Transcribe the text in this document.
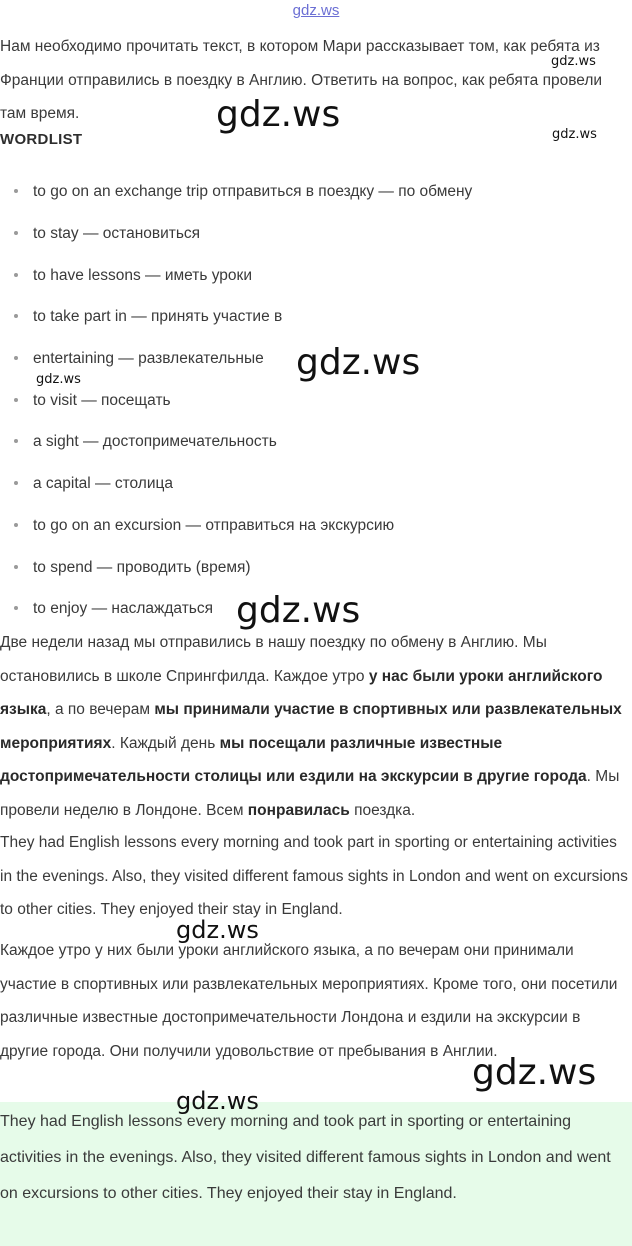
gdz.ws
Нам необходимо прочитать текст, в котором Мари рассказывает том, как ребята из Франции отправились в поездку в Англию. Ответить на вопрос, как ребята провели там время.
WORDLIST
to go on an exchange trip отправиться в поездку — по обмену
to stay — остановиться
to have lessons — иметь уроки
to take part in — принять участие в
entertaining — развлекательные
to visit — посещать
a sight — достопримечательность
a capital — столица
to go on an excursion — отправиться на экскурсию
to spend — проводить (время)
to enjoy — наслаждаться
Две недели назад мы отправились в нашу поездку по обмену в Англию. Мы остановились в школе Спрингфилда. Каждое утро у нас были уроки английского языка, а по вечерам мы принимали участие в спортивных или развлекательных мероприятиях. Каждый день мы посещали различные известные достопримечательности столицы или ездили на экскурсии в другие города. Мы провели неделю в Лондоне. Всем понравилась поездка.
They had English lessons every morning and took part in sporting or entertaining activities in the evenings. Also, they visited different famous sights in London and went on excursions to other cities. They enjoyed their stay in England.
Каждое утро у них были уроки английского языка, а по вечерам они принимали участие в спортивных или развлекательных мероприятиях. Кроме того, они посетили различные известные достопримечательности Лондона и ездили на экскурсии в другие города. Они получили удовольствие от пребывания в Англии.
They had English lessons every morning and took part in sporting or entertaining activities in the evenings. Also, they visited different famous sights in London and went on excursions to other cities. They enjoyed their stay in England.
gdz.ws
gdz.ws
gdz.ws
gdz.ws
gdz.ws
gdz.ws
gdz.ws
gdz.ws
gdz.ws
